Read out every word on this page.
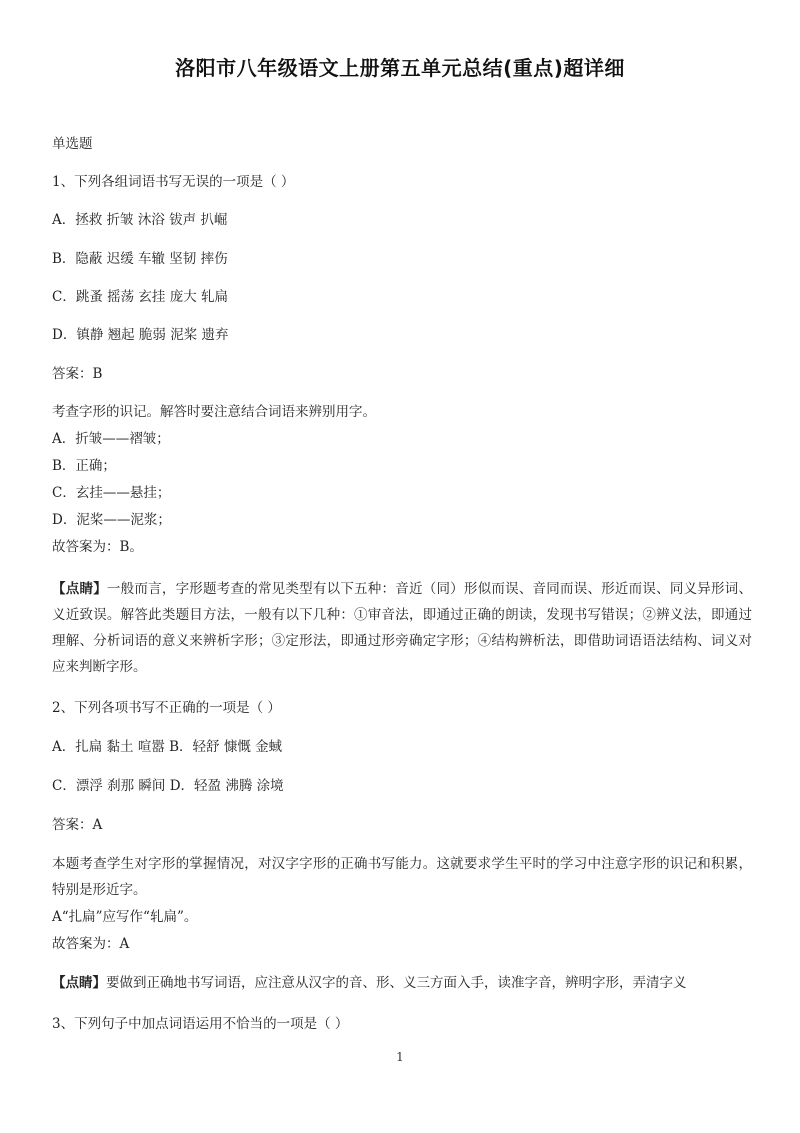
洛阳市八年级语文上册第五单元总结(重点)超详细
单选题
1、下列各组词语书写无误的一项是（ ）
A．拯救 折皱 沐浴 钹声 扒崛
B．隐蔽 迟缓 车辙 坚韧 摔伤
C．跳蚤 摇荡 玄挂 庞大 轧扁
D．镇静 翘起 脆弱 泥桨 遗弃
答案：B
考查字形的识记。解答时要注意结合词语来辨别用字。
A．折皱——褶皱；
B．正确；
C．玄挂——悬挂；
D．泥桨——泥浆；
故答案为：B。
【点睛】一般而言，字形题考查的常见类型有以下五种：音近（同）形似而误、音同而误、形近而误、同义异形词、义近致误。解答此类题目方法，一般有以下几种：①审音法，即通过正确的朗读，发现书写错误；②辨义法，即通过理解、分析词语的意义来辨析字形；③定形法，即通过形旁确定字形；④结构辨析法，即借助词语语法结构、词义对应来判断字形。
2、下列各项书写不正确的一项是（ ）
A．扎扁 黏土 喧嚣 B．轻舒 慷慨 金蜮
C．漂浮 刹那 瞬间 D．轻盈 沸腾 涂境
答案：A
本题考查学生对字形的掌握情况，对汉字字形的正确书写能力。这就要求学生平时的学习中注意字形的识记和积累，特别是形近字。
A“扎扁”应写作“轧扁”。
故答案为：A
【点睛】要做到正确地书写词语，应注意从汉字的音、形、义三方面入手，读准字音，辨明字形，弄清字义
3、下列句子中加点词语运用不恰当的一项是（ ）
1
